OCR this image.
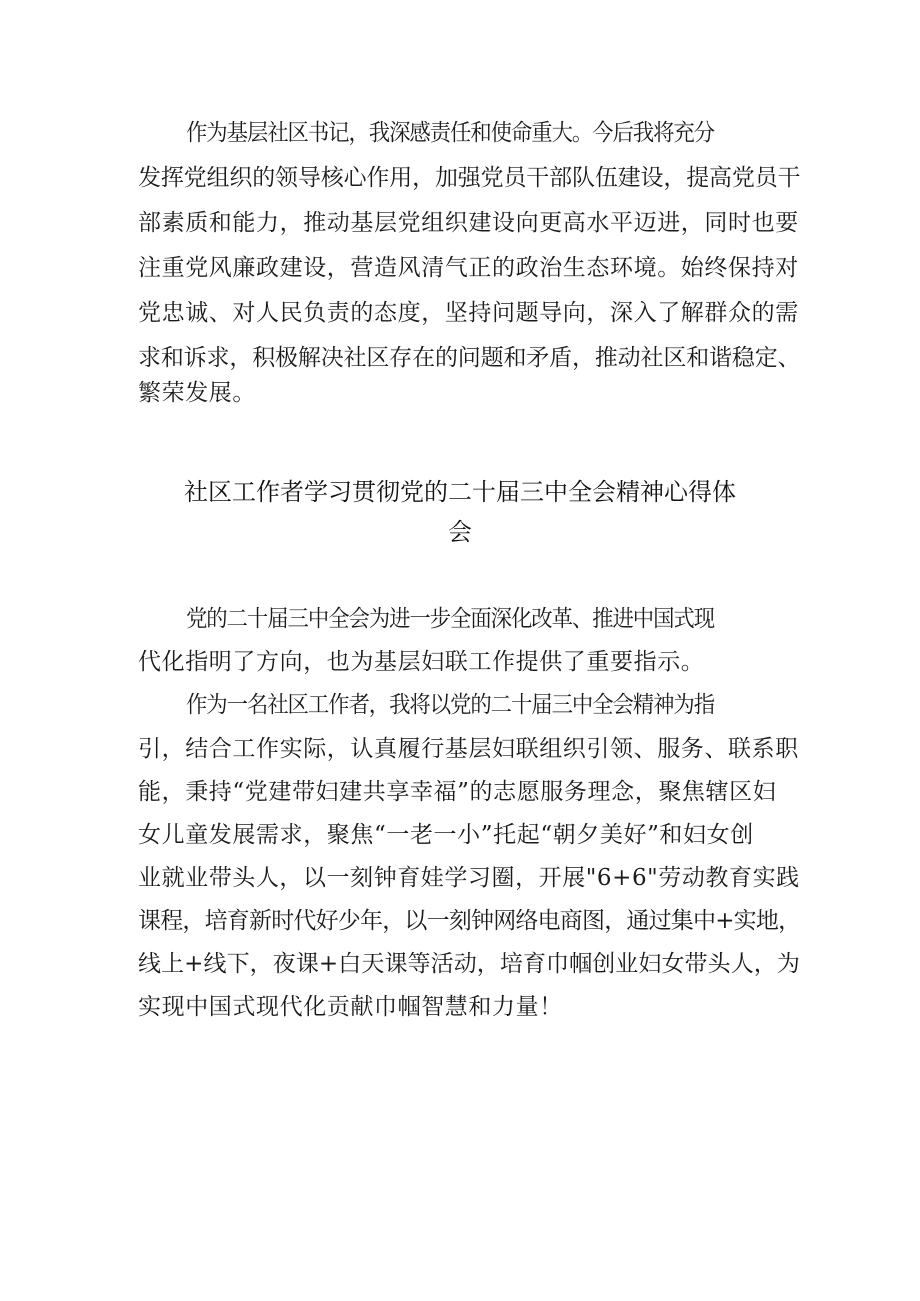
作为基层社区书记，我深感责任和使命重大。今后我将充分
发挥党组织的领导核心作用，加强党员干部队伍建设，提高党员干
部素质和能力，推动基层党组织建设向更高水平迈进，同时也要
注重党风廉政建设，营造风清气正的政治生态环境。始终保持对
党忠诚、对人民负责的态度，坚持问题导向，深入了解群众的需
求和诉求，积极解决社区存在的问题和矛盾，推动社区和谐稳定、
繁荣发展。
社区工作者学习贯彻党的二十届三中全会精神心得体
会
党的二十届三中全会为进一步全面深化改革、推进中国式现
代化指明了方向，也为基层妇联工作提供了重要指示。
作为一名社区工作者，我将以党的二十届三中全会精神为指
引，结合工作实际，认真履行基层妇联组织引领、服务、联系职
能，秉持“党建带妇建共享幸福”的志愿服务理念，聚焦辖区妇
女儿童发展需求，聚焦“一老一小”托起“朝夕美好”和妇女创
业就业带头人，以一刻钟育娃学习圈，开展"6+6"劳动教育实践
课程，培育新时代好少年，以一刻钟网络电商图，通过集中+实地，
线上+线下，夜课+白天课等活动，培育巾帼创业妇女带头人，为
实现中国式现代化贡献巾帼智慧和力量！
